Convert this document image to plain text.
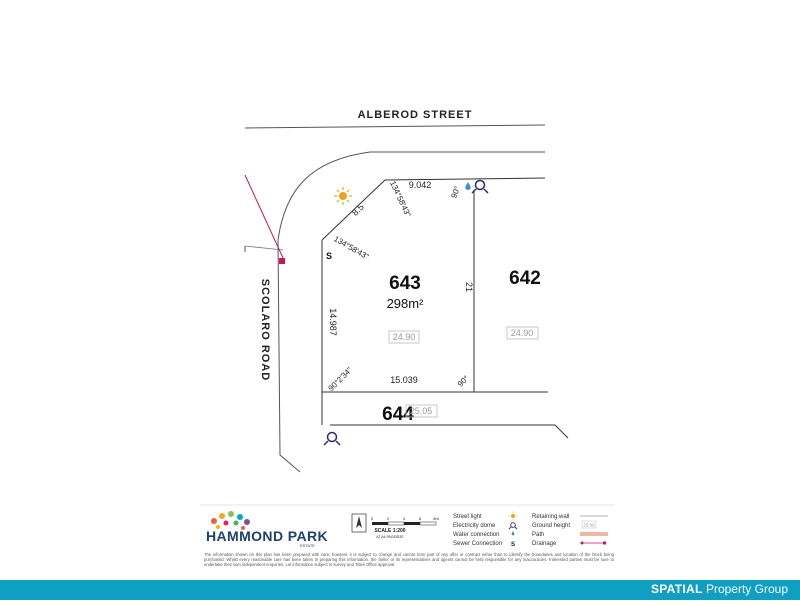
ALBEROD STREET
SCOLARO ROAD	643
298m²
642
644
24.90	24.90
25.05
9.042
8.5
21
14.987
15.039
134°58'43"
134°58'43"
90°
90°2'34"	90°
S
0	2	4	6	8m
SCALE 1:200
AT A4 PAGESIZE
HAMMOND PARK
ESTATE
Street light
Electricity dome
Water connection
Sewer Connection S
Retaining wall
Ground height
Path
Drainage
25.09
The information shown on this plan has been prepared with care, however it is subject to change and cannot form part of any offer or contract either than to identify the boundaries and location of the block being purchased. Whilst every reasonable care has been taken in preparing this information, the Seller or its representatives and agents cannot be held responsible for any inaccuracies. Interested parties must be sure to undertake their own independent enquiries. Lot information subject to survey and Titles Office approval.
SPATIAL Property Group
